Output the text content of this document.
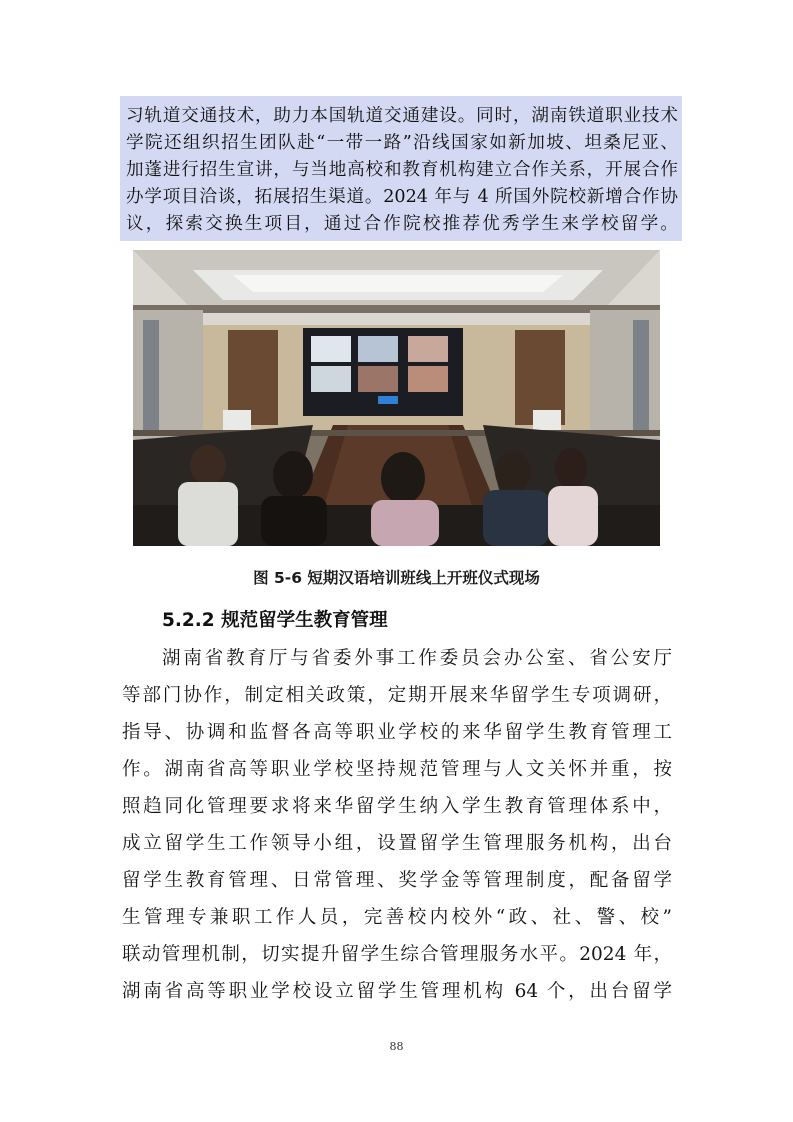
习轨道交通技术，助力本国轨道交通建设。同时，湖南铁道职业技术
学院还组织招生团队赴“一带一路”沿线国家如新加坡、坦桑尼亚、
加蓬进行招生宣讲，与当地高校和教育机构建立合作关系，开展合作
办学项目洽谈，拓展招生渠道。2024 年与 4 所国外院校新增合作协
议，探索交换生项目，通过合作院校推荐优秀学生来学校留学。
图 5-6 短期汉语培训班线上开班仪式现场
5.2.2 规范留学生教育管理
湖南省教育厅与省委外事工作委员会办公室、省公安厅
等部门协作，制定相关政策，定期开展来华留学生专项调研，
指导、协调和监督各高等职业学校的来华留学生教育管理工
作。湖南省高等职业学校坚持规范管理与人文关怀并重，按
照趋同化管理要求将来华留学生纳入学生教育管理体系中，
成立留学生工作领导小组，设置留学生管理服务机构，出台
留学生教育管理、日常管理、奖学金等管理制度，配备留学
生管理专兼职工作人员，完善校内校外“政、社、警、校”
联动管理机制，切实提升留学生综合管理服务水平。2024 年，
湖南省高等职业学校设立留学生管理机构 64 个，出台留学
88
